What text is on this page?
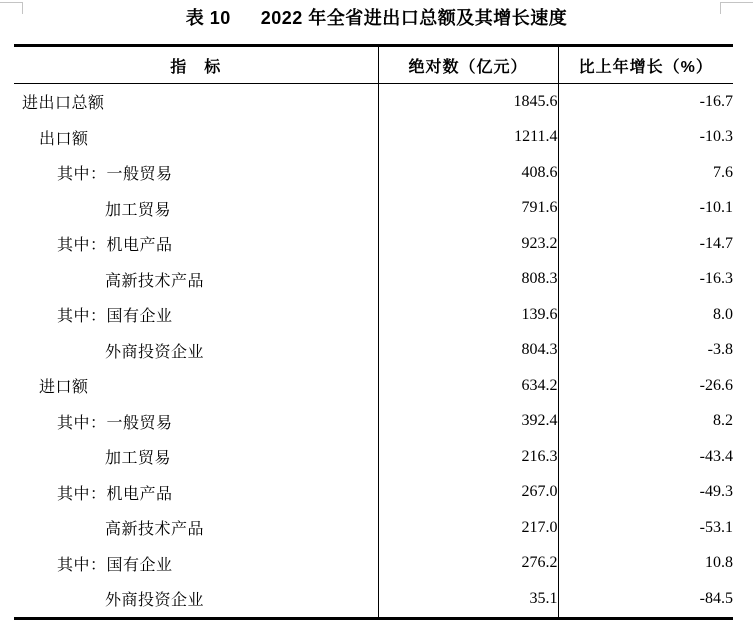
表 10 2022 年全省进出口总额及其增长速度
指　标	绝对数（亿元）	比上年增长（%）
进出口总额	1845.6	-16.7
出口额	1211.4	-10.3
其中：一般贸易	408.6	7.6
加工贸易	791.6	-10.1
其中：机电产品	923.2	-14.7
高新技术产品	808.3	-16.3
其中：国有企业	139.6	8.0
外商投资企业	804.3	-3.8
进口额	634.2	-26.6
其中：一般贸易	392.4	8.2
加工贸易	216.3	-43.4
其中：机电产品	267.0	-49.3
高新技术产品	217.0	-53.1
其中：国有企业	276.2	10.8
外商投资企业	35.1	-84.5
